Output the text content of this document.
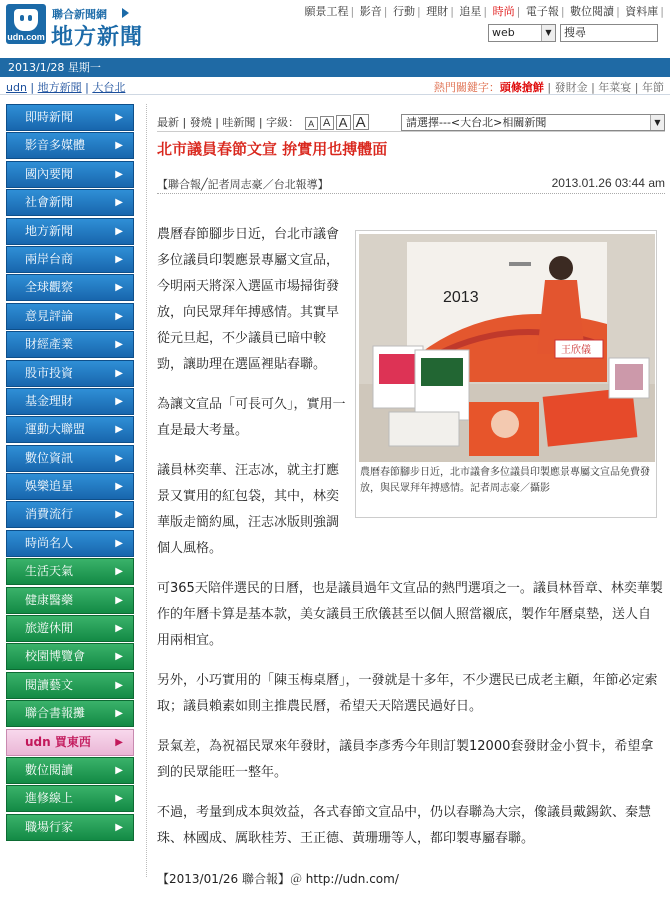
udn.com
聯合新聞網
地方新聞
願景工程 | 影音 | 行動 | 理財 | 追星 | 時尚 | 電子報 | 數位閱讀 | 資料庫 |
web	▼	搜尋
2013/1/28 星期一
udn | 地方新聞 | 大台北	熱門關鍵字：頭條搶鮮 | 發財金 | 年菜宴 | 年節
即時新聞	▶
影音多媒體	▶
國內要聞	▶
社會新聞	▶
地方新聞	▶
兩岸台商	▶
全球觀察	▶
意見評論	▶
財經產業	▶
股市投資	▶
基金理財	▶
運動大聯盟	▶
數位資訊	▶
娛樂追星	▶
消費流行	▶
時尚名人	▶
生活天氣	▶
健康醫藥	▶
旅遊休閒	▶
校園博覽會	▶
閱讀藝文	▶
聯合書報攤	▶
udn 買東西 ▶
數位閱讀	▶
進修線上	▶
職場行家	▶
最新 | 發燒 | 哇新聞 | 字級： A A A A	請選擇---<大台北>相關新聞	▼
北市議員春節文宣 拚實用也搏體面
【聯合報╱記者周志豪／台北報導】	2013.01.26 03:44 am
2013
王欣儀
農曆春節腳步日近，北市議會多位議員印製應景專屬文宣品免費發放，與民眾拜年搏感情。記者周志豪／攝影

農曆春節腳步日近，台北市議會多位議員印製應景專屬文宣品，今明兩天將深入選區市場掃街發放，向民眾拜年搏感情。其實早從元旦起，不少議員已暗中較勁，讓助理在選區裡貼春聯。

為讓文宣品「可長可久」，實用一直是最大考量。

議員林奕華、汪志冰，就主打應景又實用的紅包袋，其中，林奕華版走簡約風，汪志冰版則強調個人風格。

可365天陪伴選民的日曆，也是議員過年文宣品的熱門選項之一。議員林晉章、林奕華製作的年曆卡算是基本款，美女議員王欣儀甚至以個人照當襯底，製作年曆桌墊，送人自用兩相宜。

另外，小巧實用的「陳玉梅桌曆」，一發就是十多年，不少選民已成老主顧，年節必定索取；議員賴素如則主推農民曆，希望天天陪選民過好日。

景氣差，為祝福民眾來年發財，議員李彥秀今年則訂製12000套發財金小賀卡，希望拿到的民眾能旺一整年。

不過，考量到成本與效益，各式春節文宣品中，仍以春聯為大宗，像議員戴錫欽、秦慧珠、林國成、厲耿桂芳、王正德、黃珊珊等人，都印製專屬春聯。

【2013/01/26 聯合報】＠ http://udn.com/
